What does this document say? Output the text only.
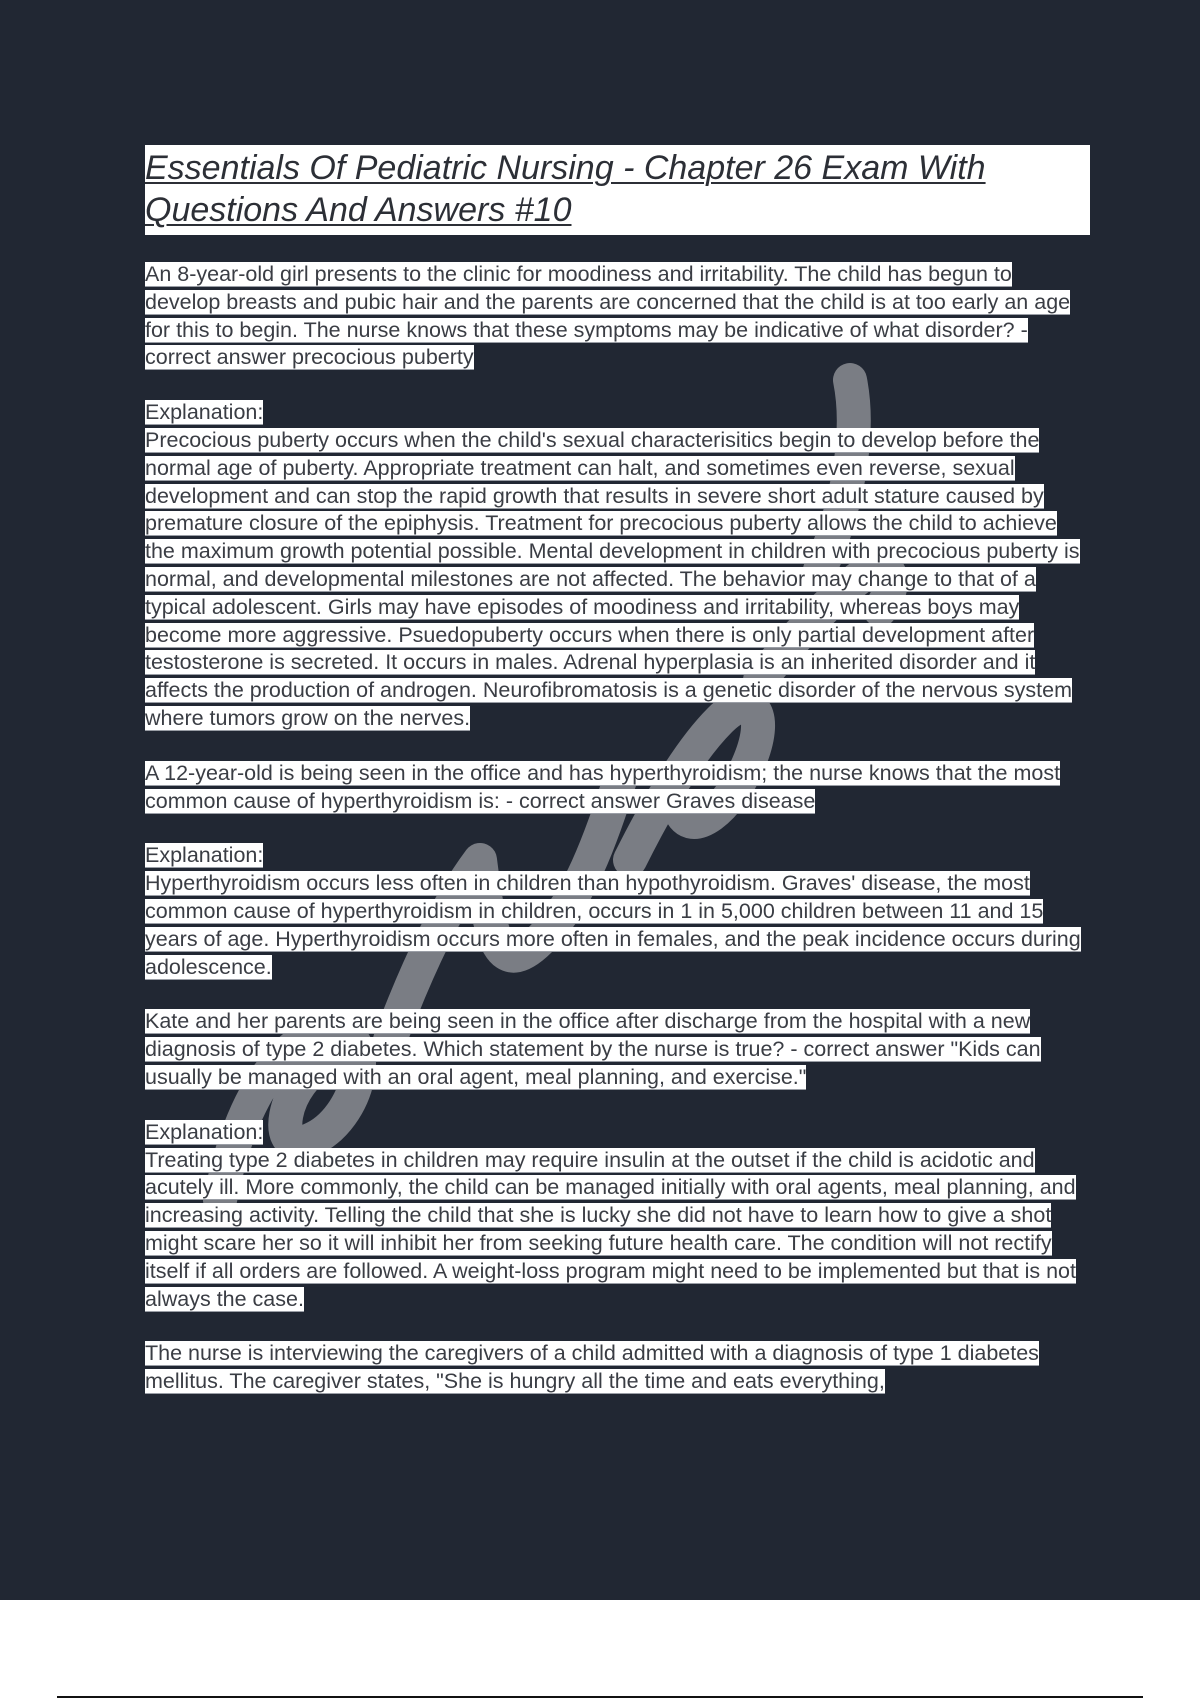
Essentials Of Pediatric Nursing - Chapter 26 Exam With Questions And Answers #10

An 8-year-old girl presents to the clinic for moodiness and irritability. The child has begun to develop breasts and pubic hair and the parents are concerned that the child is at too early an age for this to begin. The nurse knows that these symptoms may be indicative of what disorder? - correct answer precocious puberty

Explanation:

Precocious puberty occurs when the child's sexual characterisitics begin to develop before the normal age of puberty. Appropriate treatment can halt, and sometimes even reverse, sexual development and can stop the rapid growth that results in severe short adult stature caused by premature closure of the epiphysis. Treatment for precocious puberty allows the child to achieve the maximum growth potential possible. Mental development in children with precocious puberty is normal, and developmental milestones are not affected. The behavior may change to that of a typical adolescent. Girls may have episodes of moodiness and irritability, whereas boys may become more aggressive. Psuedopuberty occurs when there is only partial development after testosterone is secreted. It occurs in males. Adrenal hyperplasia is an inherited disorder and it affects the production of androgen. Neurofibromatosis is a genetic disorder of the nervous system where tumors grow on the nerves.

A 12-year-old is being seen in the office and has hyperthyroidism; the nurse knows that the most common cause of hyperthyroidism is: - correct answer Graves disease

Explanation:

Hyperthyroidism occurs less often in children than hypothyroidism. Graves' disease, the most common cause of hyperthyroidism in children, occurs in 1 in 5,000 children between 11 and 15 years of age. Hyperthyroidism occurs more often in females, and the peak incidence occurs during adolescence.

Kate and her parents are being seen in the office after discharge from the hospital with a new diagnosis of type 2 diabetes. Which statement by the nurse is true? - correct answer "Kids can usually be managed with an oral agent, meal planning, and exercise."

Explanation:

Treating type 2 diabetes in children may require insulin at the outset if the child is acidotic and acutely ill. More commonly, the child can be managed initially with oral agents, meal planning, and increasing activity. Telling the child that she is lucky she did not have to learn how to give a shot might scare her so it will inhibit her from seeking future health care. The condition will not rectify itself if all orders are followed. A weight-loss program might need to be implemented but that is not always the case.

The nurse is interviewing the caregivers of a child admitted with a diagnosis of type 1 diabetes mellitus. The caregiver states, "She is hungry all the time and eats everything,
